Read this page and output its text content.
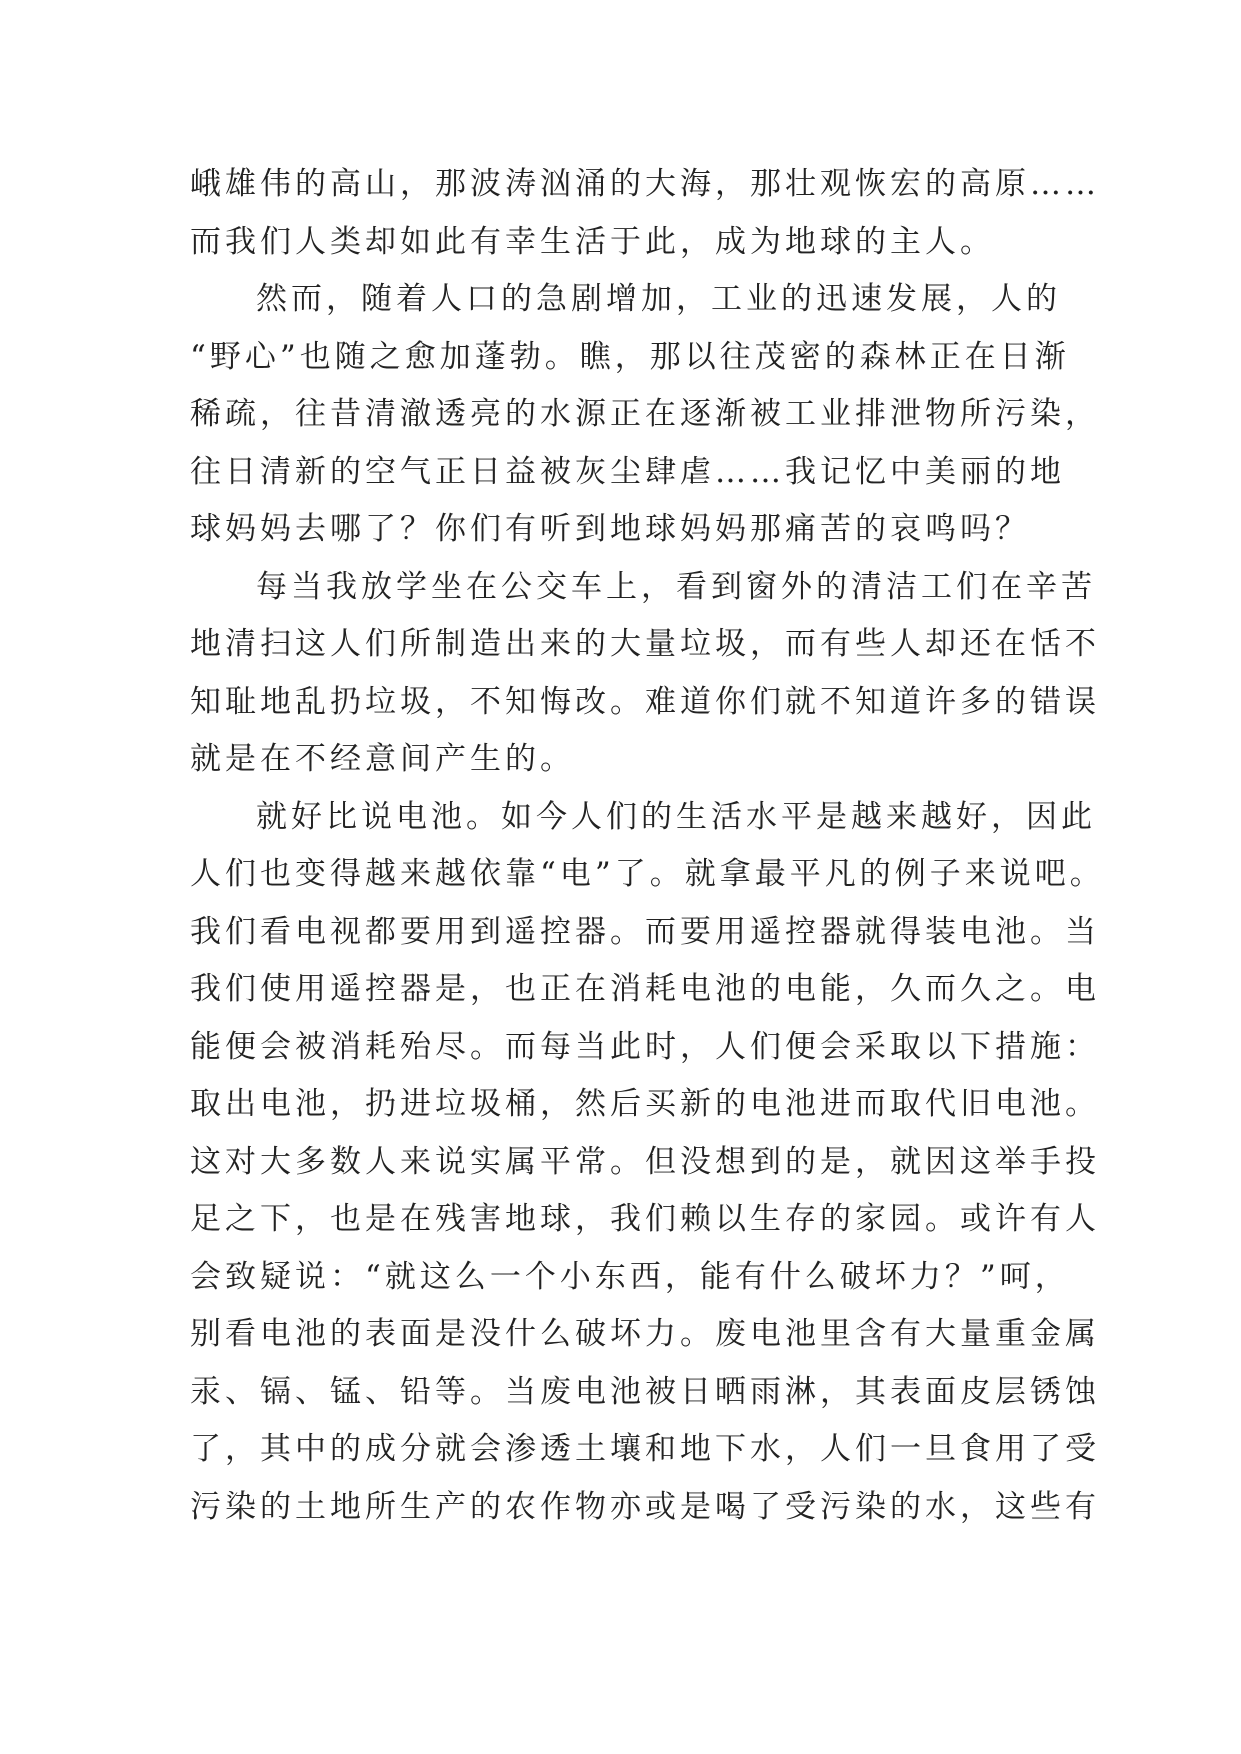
峨雄伟的高山，那波涛汹涌的大海，那壮观恢宏的高原……
而我们人类却如此有幸生活于此，成为地球的主人。
然而，随着人口的急剧增加，工业的迅速发展，人的
“野心”也随之愈加蓬勃。瞧，那以往茂密的森林正在日渐
稀疏，往昔清澈透亮的水源正在逐渐被工业排泄物所污染，
往日清新的空气正日益被灰尘肆虐……我记忆中美丽的地
球妈妈去哪了？你们有听到地球妈妈那痛苦的哀鸣吗？
每当我放学坐在公交车上，看到窗外的清洁工们在辛苦
地清扫这人们所制造出来的大量垃圾，而有些人却还在恬不
知耻地乱扔垃圾，不知悔改。难道你们就不知道许多的错误
就是在不经意间产生的。
就好比说电池。如今人们的生活水平是越来越好，因此
人们也变得越来越依靠“电”了。就拿最平凡的例子来说吧。
我们看电视都要用到遥控器。而要用遥控器就得装电池。当
我们使用遥控器是，也正在消耗电池的电能，久而久之。电
能便会被消耗殆尽。而每当此时，人们便会采取以下措施：
取出电池，扔进垃圾桶，然后买新的电池进而取代旧电池。
这对大多数人来说实属平常。但没想到的是，就因这举手投
足之下，也是在残害地球，我们赖以生存的家园。或许有人
会致疑说：“就这么一个小东西，能有什么破坏力？”呵，
别看电池的表面是没什么破坏力。废电池里含有大量重金属
汞、镉、锰、铅等。当废电池被日晒雨淋，其表面皮层锈蚀
了，其中的成分就会渗透土壤和地下水，人们一旦食用了受
污染的土地所生产的农作物亦或是喝了受污染的水，这些有
